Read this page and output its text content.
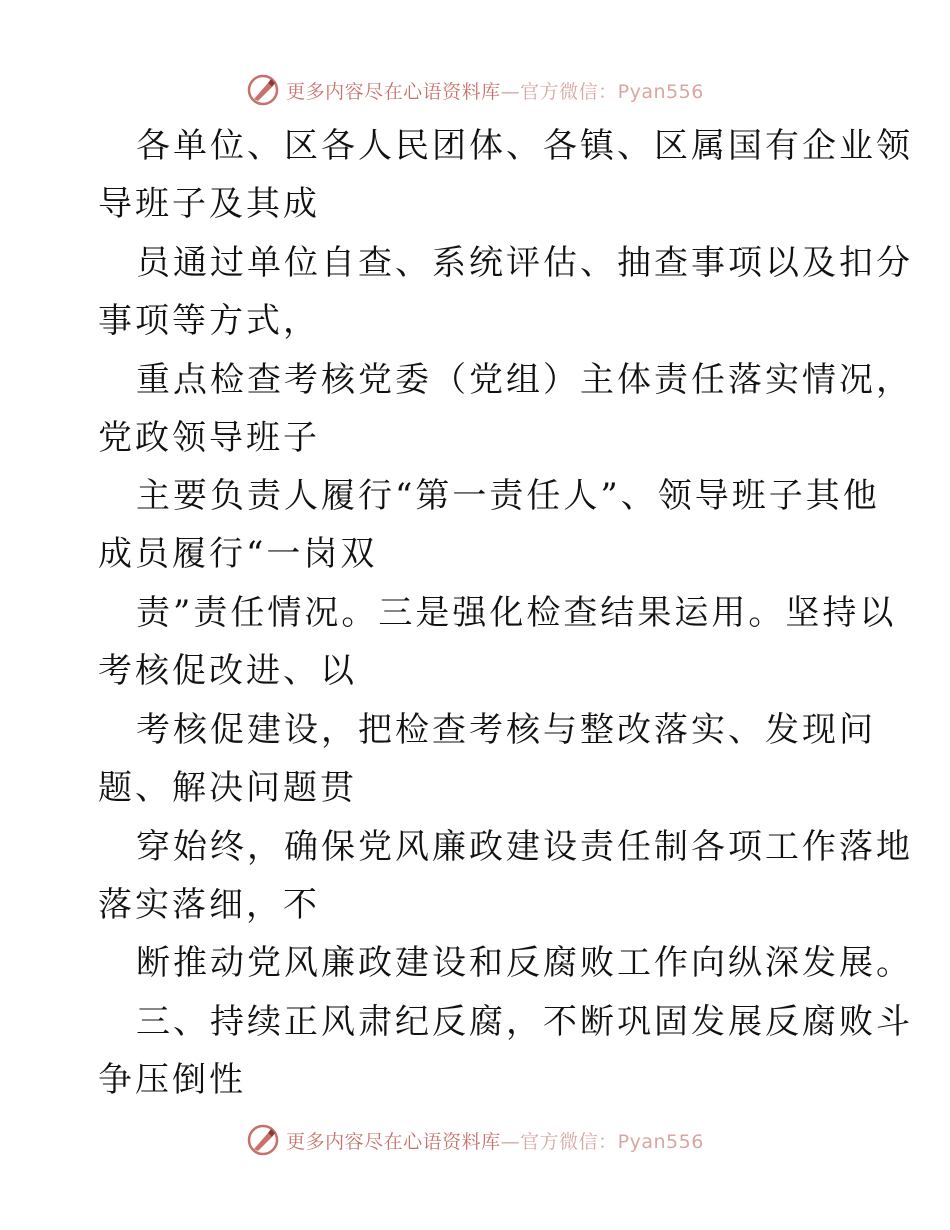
更多内容尽在心语资料库—官方微信：Pyan556
各单位、区各人民团体、各镇、区属国有企业领
导班子及其成
员通过单位自查、系统评估、抽查事项以及扣分
事项等方式，
重点检查考核党委（党组）主体责任落实情况，
党政领导班子
主要负责人履行“第一责任人”、领导班子其他
成员履行“一岗双
责”责任情况。三是强化检查结果运用。坚持以
考核促改进、以
考核促建设，把检查考核与整改落实、发现问
题、解决问题贯
穿始终，确保党风廉政建设责任制各项工作落地
落实落细，不
断推动党风廉政建设和反腐败工作向纵深发展。
三、持续正风肃纪反腐，不断巩固发展反腐败斗
争压倒性
更多内容尽在心语资料库—官方微信：Pyan556
